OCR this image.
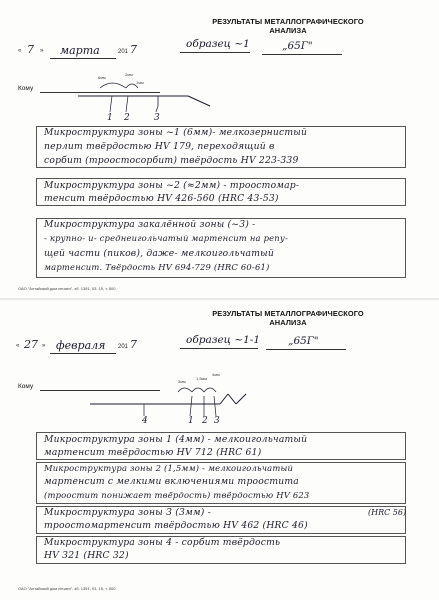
РЕЗУЛЬТАТЫ МЕТАЛЛОГРАФИЧЕСКОГО АНАЛИЗА
« 7 » марта	201 7	образец ~1	„65Г"
Кому
6мм
2мм
1мм
1 2	3
Микроструктура зоны ~1 (6мм)- мелкозернистый
перлит твёрдостью HV 179, переходящий в
сорбит (троостосорбит) твёрдость HV 223-339
Микроструктура зоны ~2 (≈2мм) - троостомар-
тенсит твёрдостью HV 426-560 (HRC 43-53)
Микроструктура закалённой зоны (~3) -
- крупно- и- среднеигольчатый мартенсит на репу-
щей части (пиков), даже- мелкоигольчатый
мартенсит. Твёрдость HV 694-729 (HRC 60-61)
ОАО "Алтайский дом печати", зб. 1391, 03. 15, т. 500
РЕЗУЛЬТАТЫ МЕТАЛЛОГРАФИЧЕСКОГО АНАЛИЗА
« 27 » февраля 201 7	образец ~1-1	„65Г"
Кому
3мм
1,5мм
4мм
4	1 2 3
Микроструктура зоны 1 (4мм) - мелкоигольчатый
мартенсит твёрдостью HV 712 (HRC 61)
Микроструктура зоны 2 (1,5мм) - мелкоигольчатый
мартенсит с мелкими включениями троостита
(троостит понижает твёрдость) твёрдостью HV 623
Микроструктура зоны 3 (3мм) -	(HRC 56)
троостомартенсит твёрдостью HV 462 (HRC 46)
Микроструктура зоны 4 - сорбит твёрдость
HV 321 (HRC 32)
ОАО "Алтайский дом печати", зб. 1391, 03. 15, т. 500
